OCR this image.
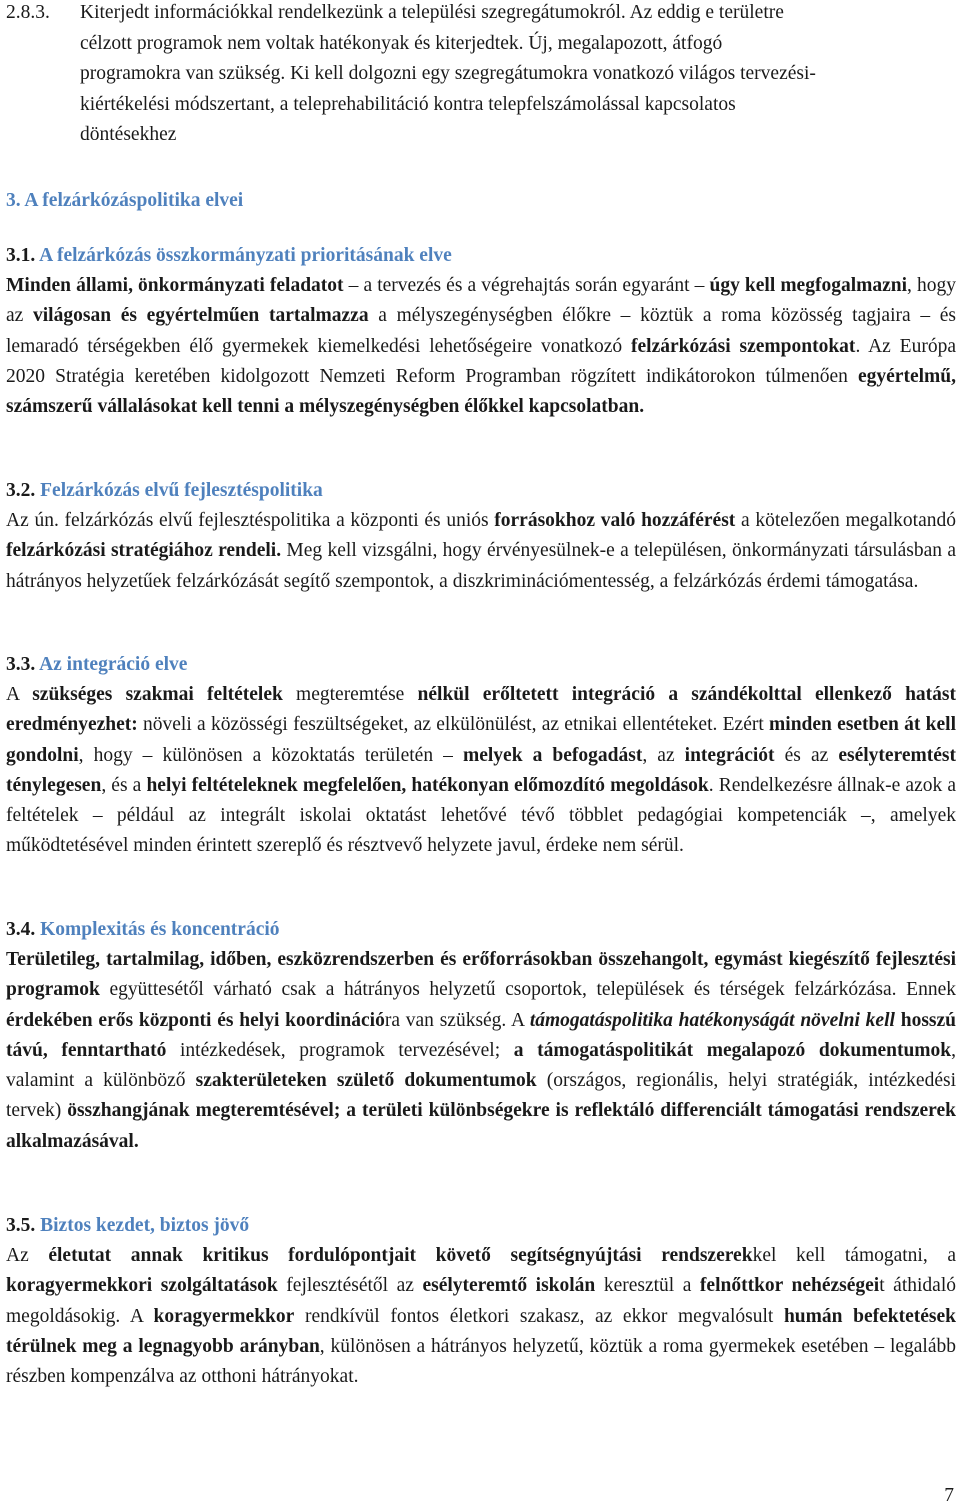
2.8.3. Kiterjedt információkkal rendelkezünk a települési szegregátumokról. Az eddig e területre
célzott programok nem voltak hatékonyak és kiterjedtek. Új, megalapozott, átfogó
programokra van szükség. Ki kell dolgozni egy szegregátumokra vonatkozó világos tervezési-
kiértékelési módszertant, a teleprehabilitáció kontra telepfelszámolással kapcsolatos
döntésekhez
3. A felzárkózáspolitika elvei
3.1. A felzárkózás összkormányzati prioritásának elve

Minden állami, önkormányzati feladatot – a tervezés és a végrehajtás során egyaránt – úgy kell megfogalmazni, hogy az világosan és egyértelműen tartalmazza a mélyszegénységben élőkre – köztük a roma közösség tagjaira – és lemaradó térségekben élő gyermekek kiemelkedési lehetőségeire vonatkozó felzárkózási szempontokat. Az Európa 2020 Stratégia keretében kidolgozott Nemzeti Reform Programban rögzített indikátorokon túlmenően egyértelmű, számszerű vállalásokat kell tenni a mélyszegénységben élőkkel kapcsolatban.

3.2. Felzárkózás elvű fejlesztéspolitika

Az ún. felzárkózás elvű fejlesztéspolitika a központi és uniós forrásokhoz való hozzáférést a kötelezően megalkotandó felzárkózási stratégiához rendeli. Meg kell vizsgálni, hogy érvényesülnek-e a településen, önkormányzati társulásban a hátrányos helyzetűek felzárkózását segítő szempontok, a diszkriminációmentesség, a felzárkózás érdemi támogatása.

3.3. Az integráció elve

A szükséges szakmai feltételek megteremtése nélkül erőltetett integráció a szándékolttal ellenkező hatást eredményezhet: növeli a közösségi feszültségeket, az elkülönülést, az etnikai ellentéteket. Ezért minden esetben át kell gondolni, hogy – különösen a közoktatás területén – melyek a befogadást, az integrációt és az esélyteremtést ténylegesen, és a helyi feltételeknek megfelelően, hatékonyan előmozdító megoldások. Rendelkezésre állnak-e azok a feltételek – például az integrált iskolai oktatást lehetővé tévő többlet pedagógiai kompetenciák –, amelyek működtetésével minden érintett szereplő és résztvevő helyzete javul, érdeke nem sérül.

3.4. Komplexitás és koncentráció

Területileg, tartalmilag, időben, eszközrendszerben és erőforrásokban összehangolt, egymást kiegészítő fejlesztési programok együttesétől várható csak a hátrányos helyzetű csoportok, települések és térségek felzárkózása. Ennek érdekében erős központi és helyi koordinációra van szükség. A támogatáspolitika hatékonyságát növelni kell hosszú távú, fenntartható intézkedések, programok tervezésével; a támogatáspolitikát megalapozó dokumentumok, valamint a különböző szakterületeken születő dokumentumok (országos, regionális, helyi stratégiák, intézkedési tervek) összhangjának megteremtésével; a területi különbségekre is reflektáló differenciált támogatási rendszerek alkalmazásával.

3.5. Biztos kezdet, biztos jövő

Az életutat annak kritikus fordulópontjait követő segítségnyújtási rendszerekkel kell támogatni, a koragyermekkori szolgáltatások fejlesztésétől az esélyteremtő iskolán keresztül a felnőttkor nehézségeit áthidaló megoldásokig. A koragyermekkor rendkívül fontos életkori szakasz, az ekkor megvalósult humán befektetések térülnek meg a legnagyobb arányban, különösen a hátrányos helyzetű, köztük a roma gyermekek esetében – legalább részben kompenzálva az otthoni hátrányokat.

7
